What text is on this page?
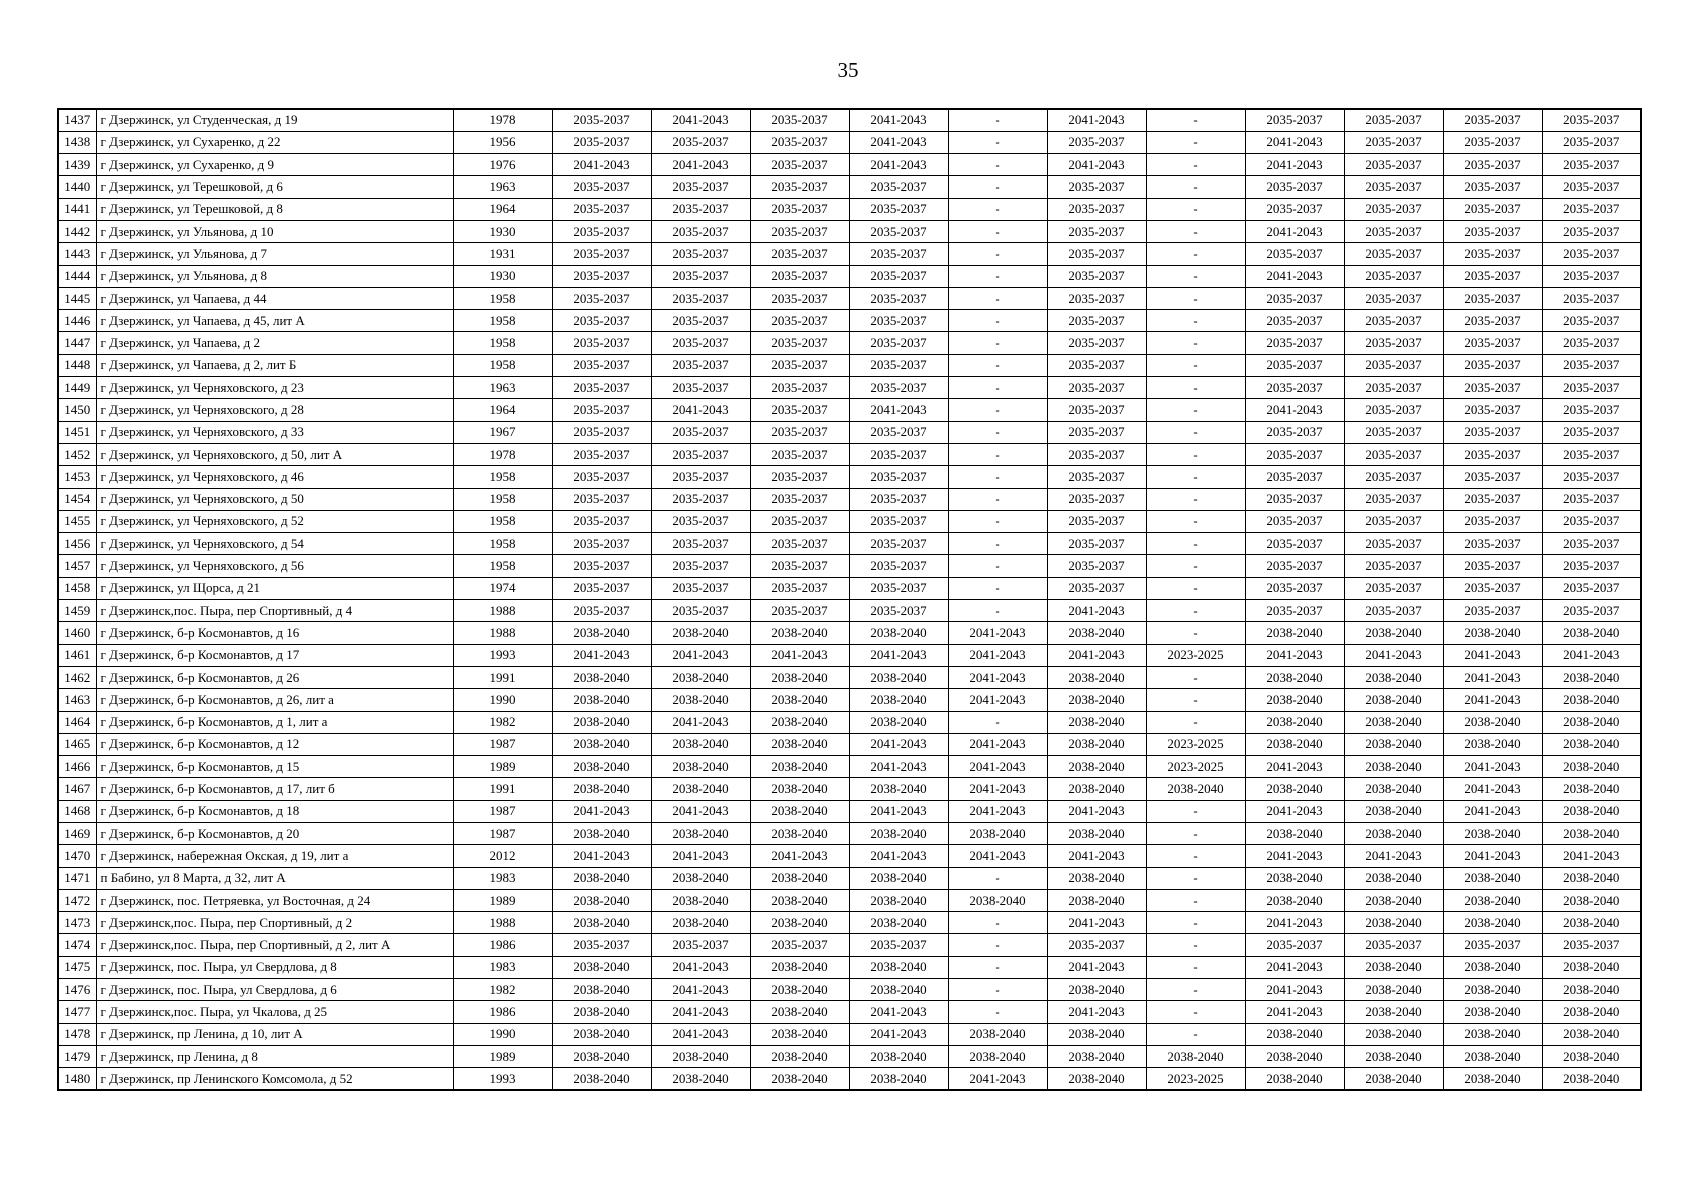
35
1437	г Дзержинск, ул Студенческая, д 19	1978	2035-2037	2041-2043	2035-2037	2041-2043	-	2041-2043	-	2035-2037	2035-2037	2035-2037	2035-2037
1438	г Дзержинск, ул Сухаренко, д 22	1956	2035-2037	2035-2037	2035-2037	2041-2043	-	2035-2037	-	2041-2043	2035-2037	2035-2037	2035-2037
1439	г Дзержинск, ул Сухаренко, д 9	1976	2041-2043	2041-2043	2035-2037	2041-2043	-	2041-2043	-	2041-2043	2035-2037	2035-2037	2035-2037
1440	г Дзержинск, ул Терешковой, д 6	1963	2035-2037	2035-2037	2035-2037	2035-2037	-	2035-2037	-	2035-2037	2035-2037	2035-2037	2035-2037
1441	г Дзержинск, ул Терешковой, д 8	1964	2035-2037	2035-2037	2035-2037	2035-2037	-	2035-2037	-	2035-2037	2035-2037	2035-2037	2035-2037
1442	г Дзержинск, ул Ульянова, д 10	1930	2035-2037	2035-2037	2035-2037	2035-2037	-	2035-2037	-	2041-2043	2035-2037	2035-2037	2035-2037
1443	г Дзержинск, ул Ульянова, д 7	1931	2035-2037	2035-2037	2035-2037	2035-2037	-	2035-2037	-	2035-2037	2035-2037	2035-2037	2035-2037
1444	г Дзержинск, ул Ульянова, д 8	1930	2035-2037	2035-2037	2035-2037	2035-2037	-	2035-2037	-	2041-2043	2035-2037	2035-2037	2035-2037
1445	г Дзержинск, ул Чапаева, д 44	1958	2035-2037	2035-2037	2035-2037	2035-2037	-	2035-2037	-	2035-2037	2035-2037	2035-2037	2035-2037
1446	г Дзержинск, ул Чапаева, д 45, лит А	1958	2035-2037	2035-2037	2035-2037	2035-2037	-	2035-2037	-	2035-2037	2035-2037	2035-2037	2035-2037
1447	г Дзержинск, ул Чапаева, д 2	1958	2035-2037	2035-2037	2035-2037	2035-2037	-	2035-2037	-	2035-2037	2035-2037	2035-2037	2035-2037
1448	г Дзержинск, ул Чапаева, д 2, лит Б	1958	2035-2037	2035-2037	2035-2037	2035-2037	-	2035-2037	-	2035-2037	2035-2037	2035-2037	2035-2037
1449	г Дзержинск, ул Черняховского, д 23	1963	2035-2037	2035-2037	2035-2037	2035-2037	-	2035-2037	-	2035-2037	2035-2037	2035-2037	2035-2037
1450	г Дзержинск, ул Черняховского, д 28	1964	2035-2037	2041-2043	2035-2037	2041-2043	-	2035-2037	-	2041-2043	2035-2037	2035-2037	2035-2037
1451	г Дзержинск, ул Черняховского, д 33	1967	2035-2037	2035-2037	2035-2037	2035-2037	-	2035-2037	-	2035-2037	2035-2037	2035-2037	2035-2037
1452	г Дзержинск, ул Черняховского, д 50, лит А	1978	2035-2037	2035-2037	2035-2037	2035-2037	-	2035-2037	-	2035-2037	2035-2037	2035-2037	2035-2037
1453	г Дзержинск, ул Черняховского, д 46	1958	2035-2037	2035-2037	2035-2037	2035-2037	-	2035-2037	-	2035-2037	2035-2037	2035-2037	2035-2037
1454	г Дзержинск, ул Черняховского, д 50	1958	2035-2037	2035-2037	2035-2037	2035-2037	-	2035-2037	-	2035-2037	2035-2037	2035-2037	2035-2037
1455	г Дзержинск, ул Черняховского, д 52	1958	2035-2037	2035-2037	2035-2037	2035-2037	-	2035-2037	-	2035-2037	2035-2037	2035-2037	2035-2037
1456	г Дзержинск, ул Черняховского, д 54	1958	2035-2037	2035-2037	2035-2037	2035-2037	-	2035-2037	-	2035-2037	2035-2037	2035-2037	2035-2037
1457	г Дзержинск, ул Черняховского, д 56	1958	2035-2037	2035-2037	2035-2037	2035-2037	-	2035-2037	-	2035-2037	2035-2037	2035-2037	2035-2037
1458	г Дзержинск, ул Щорса, д 21	1974	2035-2037	2035-2037	2035-2037	2035-2037	-	2035-2037	-	2035-2037	2035-2037	2035-2037	2035-2037
1459	г Дзержинск,пос. Пыра, пер Спортивный, д 4	1988	2035-2037	2035-2037	2035-2037	2035-2037	-	2041-2043	-	2035-2037	2035-2037	2035-2037	2035-2037
1460	г Дзержинск, б-р Космонавтов, д 16	1988	2038-2040	2038-2040	2038-2040	2038-2040	2041-2043	2038-2040	-	2038-2040	2038-2040	2038-2040	2038-2040
1461	г Дзержинск, б-р Космонавтов, д 17	1993	2041-2043	2041-2043	2041-2043	2041-2043	2041-2043	2041-2043	2023-2025	2041-2043	2041-2043	2041-2043	2041-2043
1462	г Дзержинск, б-р Космонавтов, д 26	1991	2038-2040	2038-2040	2038-2040	2038-2040	2041-2043	2038-2040	-	2038-2040	2038-2040	2041-2043	2038-2040
1463	г Дзержинск, б-р Космонавтов, д 26, лит а	1990	2038-2040	2038-2040	2038-2040	2038-2040	2041-2043	2038-2040	-	2038-2040	2038-2040	2041-2043	2038-2040
1464	г Дзержинск, б-р Космонавтов, д 1, лит а	1982	2038-2040	2041-2043	2038-2040	2038-2040	-	2038-2040	-	2038-2040	2038-2040	2038-2040	2038-2040
1465	г Дзержинск, б-р Космонавтов, д 12	1987	2038-2040	2038-2040	2038-2040	2041-2043	2041-2043	2038-2040	2023-2025	2038-2040	2038-2040	2038-2040	2038-2040
1466	г Дзержинск, б-р Космонавтов, д 15	1989	2038-2040	2038-2040	2038-2040	2041-2043	2041-2043	2038-2040	2023-2025	2041-2043	2038-2040	2041-2043	2038-2040
1467	г Дзержинск, б-р Космонавтов, д 17, лит б	1991	2038-2040	2038-2040	2038-2040	2038-2040	2041-2043	2038-2040	2038-2040	2038-2040	2038-2040	2041-2043	2038-2040
1468	г Дзержинск, б-р Космонавтов, д 18	1987	2041-2043	2041-2043	2038-2040	2041-2043	2041-2043	2041-2043	-	2041-2043	2038-2040	2041-2043	2038-2040
1469	г Дзержинск, б-р Космонавтов, д 20	1987	2038-2040	2038-2040	2038-2040	2038-2040	2038-2040	2038-2040	-	2038-2040	2038-2040	2038-2040	2038-2040
1470	г Дзержинск, набережная Окская, д 19, лит а	2012	2041-2043	2041-2043	2041-2043	2041-2043	2041-2043	2041-2043	-	2041-2043	2041-2043	2041-2043	2041-2043
1471	п Бабино, ул 8 Марта, д 32, лит А	1983	2038-2040	2038-2040	2038-2040	2038-2040	-	2038-2040	-	2038-2040	2038-2040	2038-2040	2038-2040
1472	г Дзержинск, пос. Петряевка, ул Восточная, д 24	1989	2038-2040	2038-2040	2038-2040	2038-2040	2038-2040	2038-2040	-	2038-2040	2038-2040	2038-2040	2038-2040
1473	г Дзержинск,пос. Пыра, пер Спортивный, д 2	1988	2038-2040	2038-2040	2038-2040	2038-2040	-	2041-2043	-	2041-2043	2038-2040	2038-2040	2038-2040
1474	г Дзержинск,пос. Пыра, пер Спортивный, д 2, лит А	1986	2035-2037	2035-2037	2035-2037	2035-2037	-	2035-2037	-	2035-2037	2035-2037	2035-2037	2035-2037
1475	г Дзержинск, пос. Пыра, ул Свердлова, д 8	1983	2038-2040	2041-2043	2038-2040	2038-2040	-	2041-2043	-	2041-2043	2038-2040	2038-2040	2038-2040
1476	г Дзержинск, пос. Пыра, ул Свердлова, д 6	1982	2038-2040	2041-2043	2038-2040	2038-2040	-	2038-2040	-	2041-2043	2038-2040	2038-2040	2038-2040
1477	г Дзержинск,пос. Пыра, ул Чкалова, д 25	1986	2038-2040	2041-2043	2038-2040	2041-2043	-	2041-2043	-	2041-2043	2038-2040	2038-2040	2038-2040
1478	г Дзержинск, пр Ленина, д 10, лит А	1990	2038-2040	2041-2043	2038-2040	2041-2043	2038-2040	2038-2040	-	2038-2040	2038-2040	2038-2040	2038-2040
1479	г Дзержинск, пр Ленина, д 8	1989	2038-2040	2038-2040	2038-2040	2038-2040	2038-2040	2038-2040	2038-2040	2038-2040	2038-2040	2038-2040	2038-2040
1480	г Дзержинск, пр Ленинского Комсомола, д 52	1993	2038-2040	2038-2040	2038-2040	2038-2040	2041-2043	2038-2040	2023-2025	2038-2040	2038-2040	2038-2040	2038-2040
